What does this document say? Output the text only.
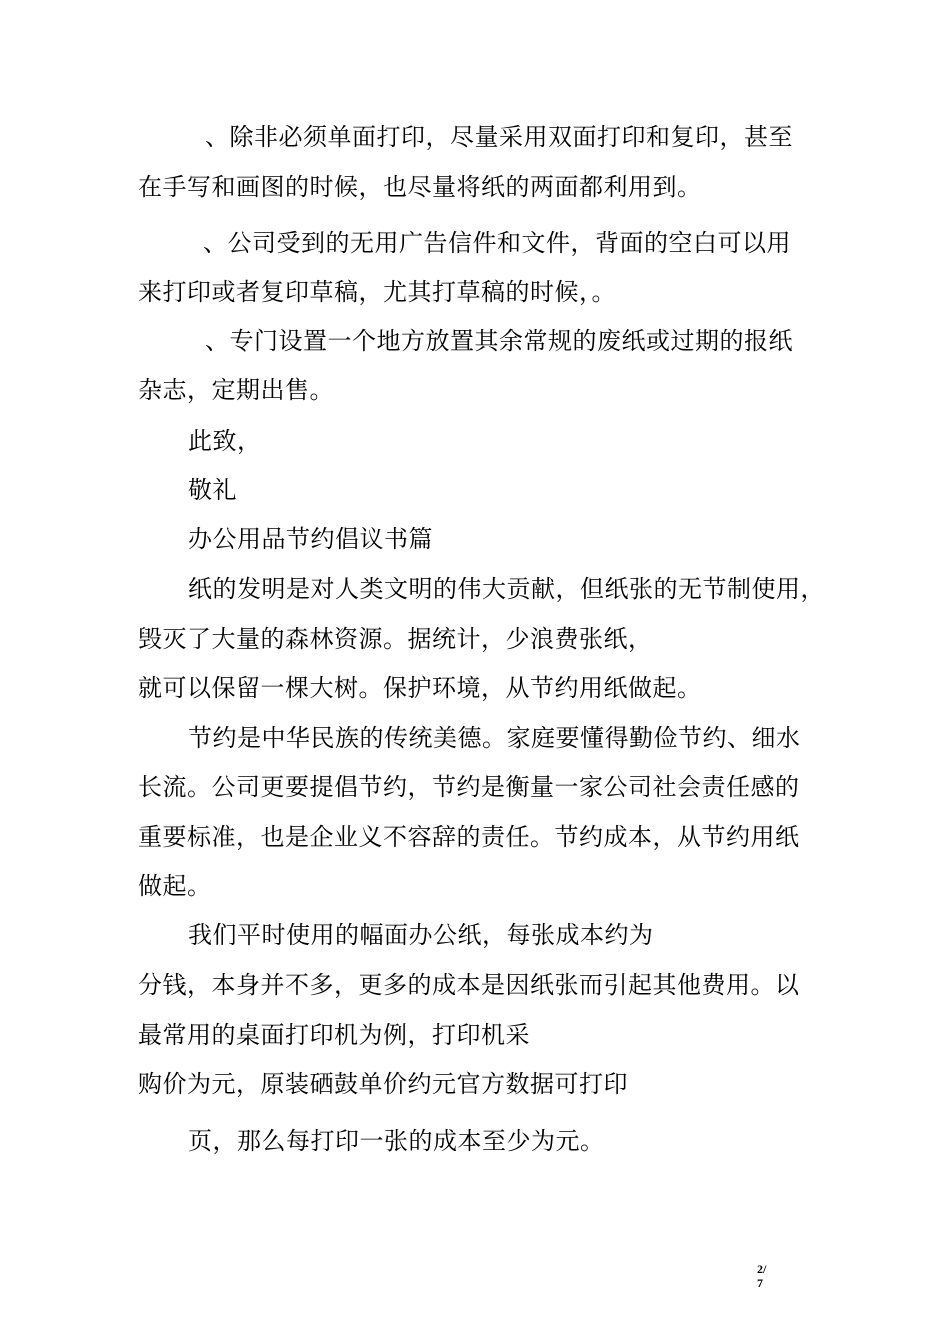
、除非必须单面打印，尽量采用双面打印和复印，甚至
在手写和画图的时候，也尽量将纸的两面都利用到。
、公司受到的无用广告信件和文件，背面的空白可以用
来打印或者复印草稿，尤其打草稿的时候，。
、专门设置一个地方放置其余常规的废纸或过期的报纸
杂志，定期出售。
此致，
敬礼
办公用品节约倡议书篇
纸的发明是对人类文明的伟大贡献，但纸张的无节制使用，
毁灭了大量的森林资源。据统计，少浪费张纸，
就可以保留一棵大树。保护环境，从节约用纸做起。
节约是中华民族的传统美德。家庭要懂得勤俭节约、细水
长流。公司更要提倡节约，节约是衡量一家公司社会责任感的
重要标准，也是企业义不容辞的责任。节约成本，从节约用纸
做起。
我们平时使用的幅面办公纸，每张成本约为
分钱，本身并不多，更多的成本是因纸张而引起其他费用。以
最常用的桌面打印机为例，打印机采
购价为元，原装硒鼓单价约元官方数据可打印
页，那么每打印一张的成本至少为元。
2/
7
